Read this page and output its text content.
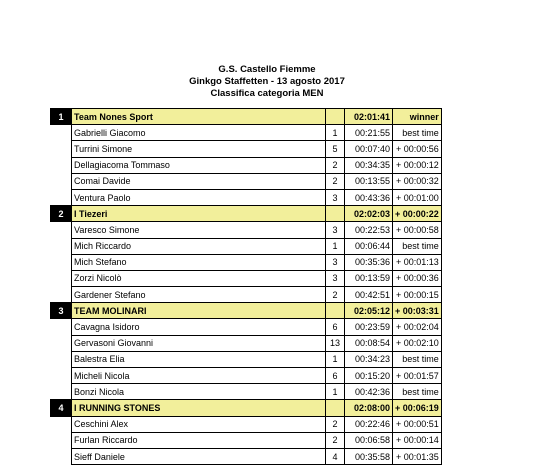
G.S. Castello Fiemme
Ginkgo Staffetten - 13 agosto 2017
Classifica categoria MEN
1	Team Nones Sport		02:01:41	winner
	Gabrielli Giacomo	1	00:21:55	best time
	Turrini Simone	5	00:07:40	+ 00:00:56
	Dellagiacoma Tommaso	2	00:34:35	+ 00:00:12
	Comai Davide	2	00:13:55	+ 00:00:32
	Ventura Paolo	3	00:43:36	+ 00:01:00
2	I Tiezeri		02:02:03	+ 00:00:22
	Varesco Simone	3	00:22:53	+ 00:00:58
	Mich Riccardo	1	00:06:44	best time
	Mich Stefano	3	00:35:36	+ 00:01:13
	Zorzi Nicolò	3	00:13:59	+ 00:00:36
	Gardener Stefano	2	00:42:51	+ 00:00:15
3	TEAM MOLINARI		02:05:12	+ 00:03:31
	Cavagna Isidoro	6	00:23:59	+ 00:02:04
	Gervasoni Giovanni	13	00:08:54	+ 00:02:10
	Balestra Elia	1	00:34:23	best time
	Micheli Nicola	6	00:15:20	+ 00:01:57
	Bonzi Nicola	1	00:42:36	best time
4	I RUNNING STONES		02:08:00	+ 00:06:19
	Ceschini Alex	2	00:22:46	+ 00:00:51
	Furlan Riccardo	2	00:06:58	+ 00:00:14
	Sieff Daniele	4	00:35:58	+ 00:01:35
